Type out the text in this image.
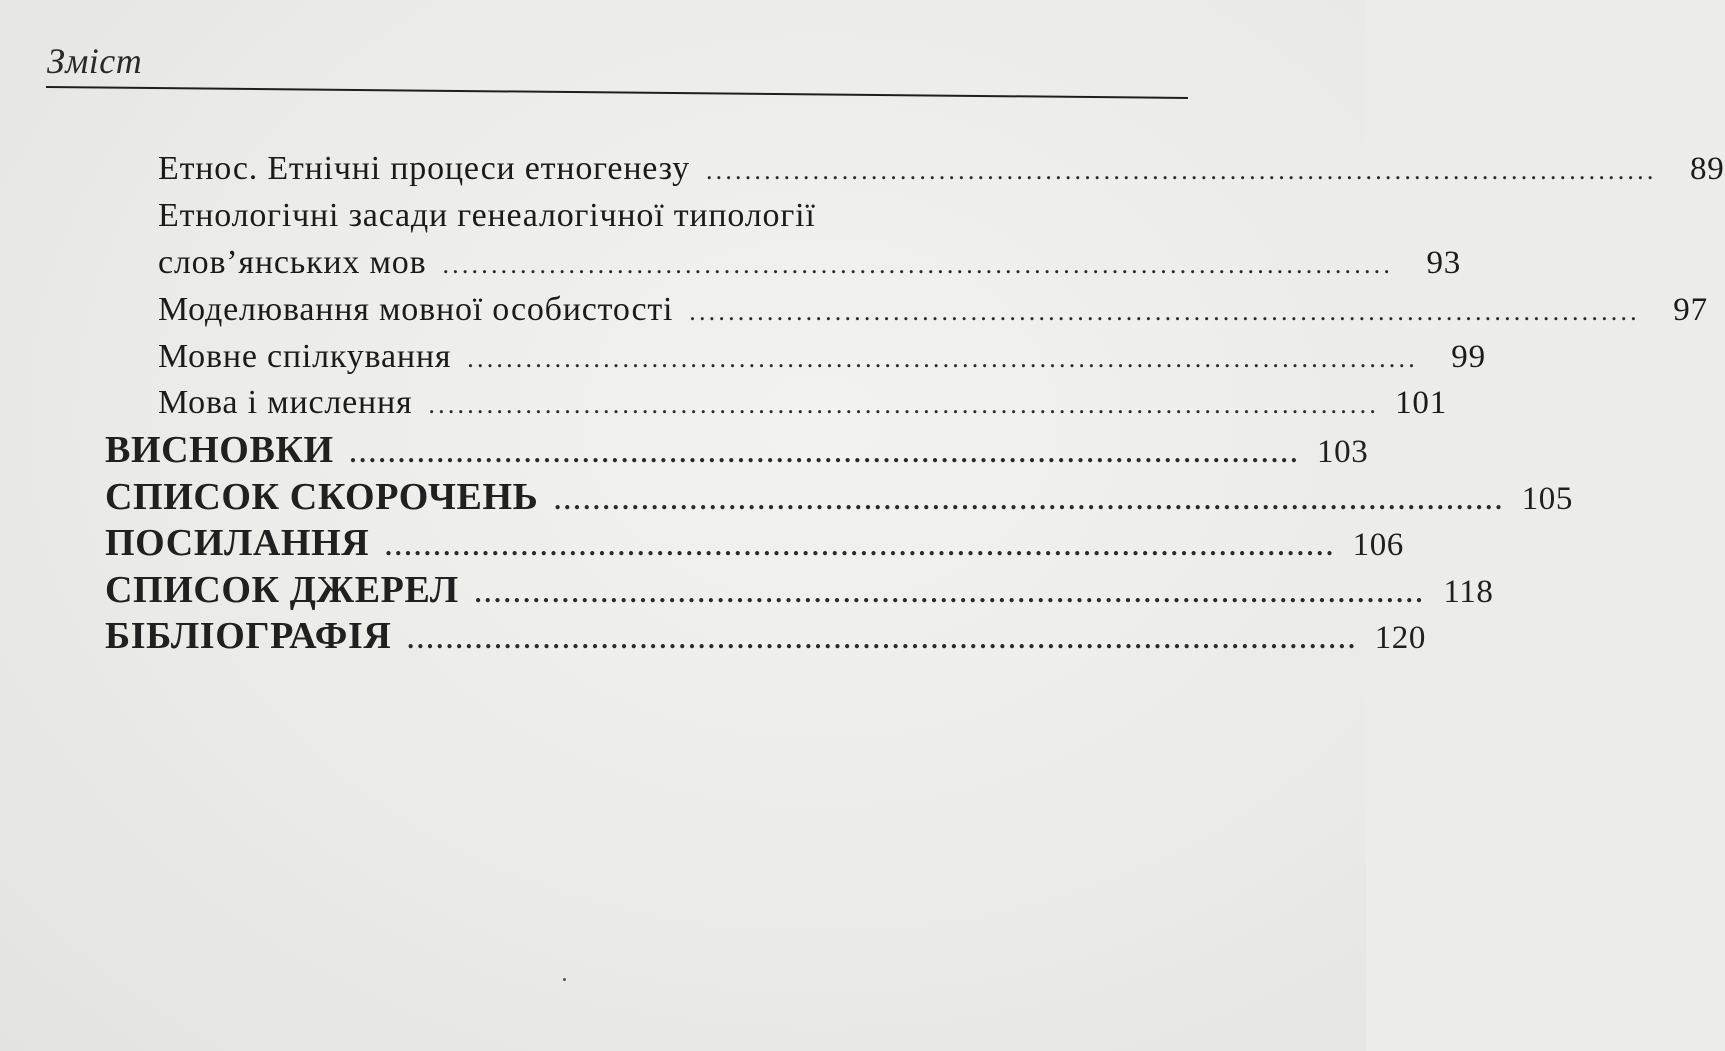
Зміст
Етнос. Етнічні процеси етногенезу ..................................................................................................	89
Етнологічні засади генеалогічної типології
слов’янських мов ..................................................................................................	93
Моделювання мовної особистості ..................................................................................................	97
Мовне спілкування ..................................................................................................	99
Мова і мислення .................................................................................................. 101
ВИСНОВКИ .................................................................................................. 103
СПИСОК СКОРОЧЕНЬ .................................................................................................. 105
ПОСИЛАННЯ .................................................................................................. 106
СПИСОК ДЖЕРЕЛ .................................................................................................. 118
БІБЛІОГРАФІЯ .................................................................................................. 120
